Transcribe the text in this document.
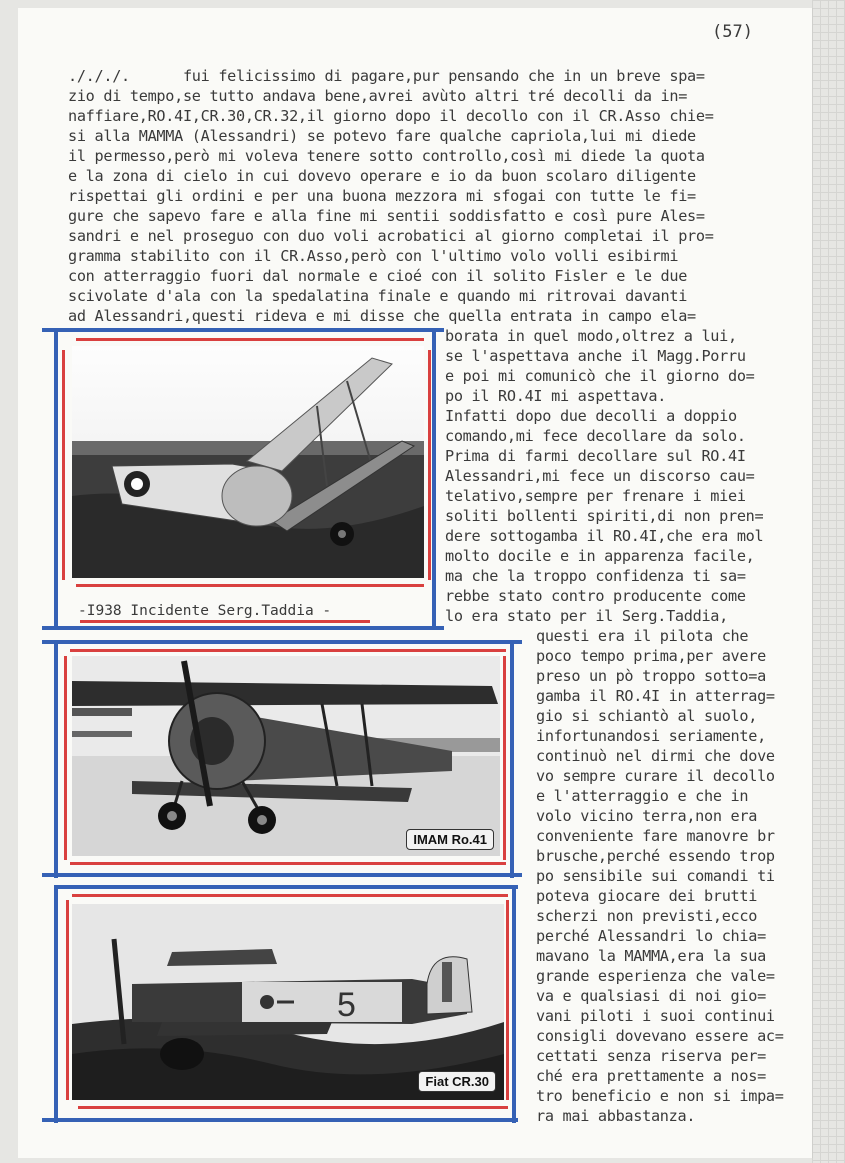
(57)
./././.      fui felicissimo di pagare,pur pensando che in un breve spa=
zio di tempo,se tutto andava bene,avrei avùto altri tré decolli da in=
naffiare,RO.4I,CR.30,CR.32,il giorno dopo il decollo con il CR.Asso chie=
si alla MAMMA (Alessandri) se potevo fare qualche capriola,lui mi diede
il permesso,però mi voleva tenere sotto controllo,così mi diede la quota
e la zona di cielo in cui dovevo operare e io da buon scolaro diligente
rispettai gli ordini e per una buona mezzora mi sfogai con tutte le fi=
gure che sapevo fare e alla fine mi sentii soddisfatto e così pure Ales=
sandri e nel proseguo con duo voli acrobatici al giorno completai il pro=
gramma stabilito con il CR.Asso,però con l'ultimo volo volli esibirmi
con atterraggio fuori dal normale e cioé con il solito Fisler e le due
scivolate d'ala con la spedalatina finale e quando mi ritrovai davanti
ad Alessandri,questi rideva e mi disse che quella entrata in campo ela=
borata in quel modo,oltrez a lui,
se l'aspettava anche il Magg.Porru
e poi mi comunicò che il giorno do=
po il RO.4I mi aspettava.
Infatti dopo due decolli a doppio
comando,mi fece decollare da solo.
Prima di farmi decollare sul RO.4I
Alessandri,mi fece un discorso cau=
telativo,sempre per frenare i miei
soliti bollenti spiriti,di non pren=
dere sottogamba il RO.4I,che era mol
molto docile e in apparenza facile,
ma che la troppo confidenza ti sa=
rebbe stato contro producente come
lo era stato per il Serg.Taddia,
questi era il pilota che
poco tempo prima,per avere
preso un pò troppo sotto=a
gamba il RO.4I in atterrag=
gio si schiantò al suolo,
infortunandosi seriamente,
continuò nel dirmi che dove
vo sempre curare il decollo
e l'atterraggio e che in
volo vicino terra,non era
conveniente fare manovre br
brusche,perché essendo trop
po sensibile sui comandi ti
poteva giocare dei brutti
scherzi non previsti,ecco
perché Alessandri lo chia=
mavano la MAMMA,era la sua
grande esperienza che vale=
va e qualsiasi di noi gio=
vani piloti i suoi continui
consigli dovevano essere ac=
cettati senza riserva per=
ché era prettamente a nos=
tro beneficio e non si impa=
ra mai abbastanza.
-I938 Incidente Serg.Taddia -
IMAM Ro.41
5
Fiat CR.30
